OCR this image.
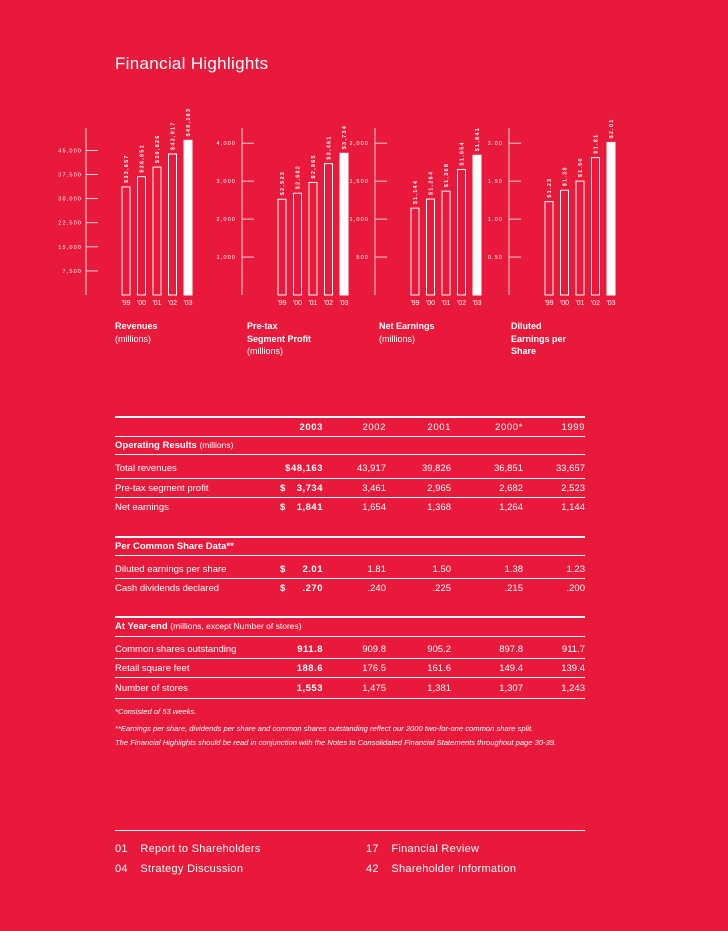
Financial Highlights
7,500
15,000
22,500
30,000
37,500
45,000
$33,657
'99
$36,851
'00
$39,826
'01
$43,917
'02
$48,163
'03
1,000
2,000
3,000
4,000
$2,523
'99
$2,682
'00
$2,965
'01
$3,461
'02
$3,734
'03
500
1,000
1,500
2,000
$1,144
'99
$1,264
'00
$1,368
'01
$1,654
'02
$1,841
'03
0.50
1.00
1.50
2.00
$1.23
'99
$1.38
'00
$1.50
'01
$1.81
'02
$2.01
'03
Revenues
(millions)
Pre-tax
Segment Profit
(millions)
Net Earnings
(millions)
Diluted
Earnings per
Share
2003	2002	2001	2000*	1999
Operating Results (millions)
Total revenues	$48,163	43,917	39,826	36,851	33,657
Pre-tax segment profit	$ 3,734	3,461	2,965	2,682	2,523
Net earnings	$ 1,841	1,654	1,368	1,264	1,144
Per Common Share Data**
Diluted earnings per share	$ 2.01	1.81	1.50	1.38	1.23
Cash dividends declared	$ .270	.240	.225	.215	.200
At Year-end (millions, except Number of stores)
Common shares outstanding	911.8	909.8	905.2	897.8	911.7
Retail square feet	188.6	176.5	161.6	149.4	139.4
Number of stores	1,553	1,475	1,381	1,307	1,243
*Consisted of 53 weeks.
**Earnings per share, dividends per share and common shares outstanding reflect our 2000 two-for-one common share split.
The Financial Highlights should be read in conjunction with the Notes to Consolidated Financial Statements throughout page 30-39.
01 Report to Shareholders
04 Strategy Discussion
17 Financial Review
42 Shareholder Information
